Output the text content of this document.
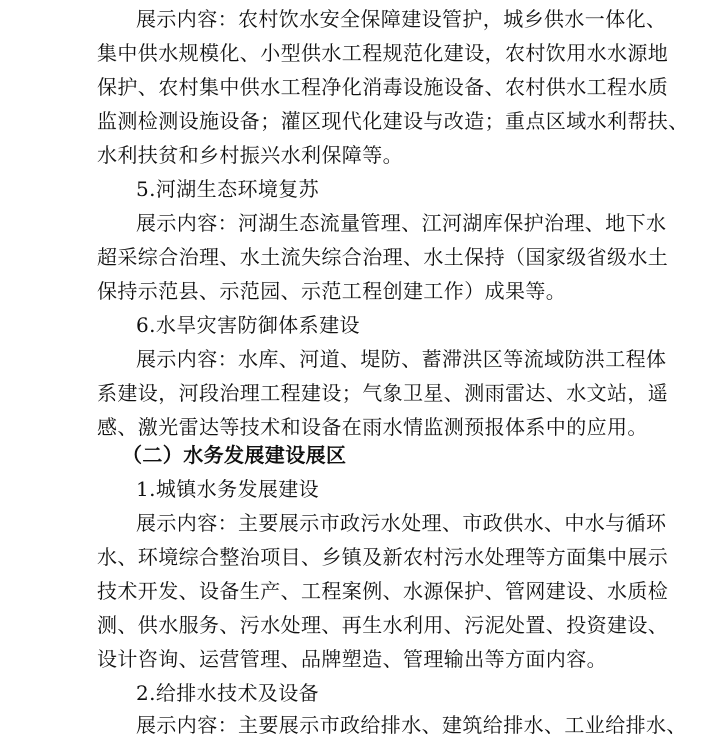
展示内容：农村饮水安全保障建设管护，城乡供水一体化、
集中供水规模化、小型供水工程规范化建设，农村饮用水水源地
保护、农村集中供水工程净化消毒设施设备、农村供水工程水质
监测检测设施设备；灌区现代化建设与改造；重点区域水利帮扶、
水利扶贫和乡村振兴水利保障等。
5.河湖生态环境复苏
展示内容：河湖生态流量管理、江河湖库保护治理、地下水
超采综合治理、水土流失综合治理、水土保持（国家级省级水土
保持示范县、示范园、示范工程创建工作）成果等。
6.水旱灾害防御体系建设
展示内容：水库、河道、堤防、蓄滞洪区等流域防洪工程体
系建设，河段治理工程建设；气象卫星、测雨雷达、水文站，遥
感、激光雷达等技术和设备在雨水情监测预报体系中的应用。
（二）水务发展建设展区
1.城镇水务发展建设
展示内容：主要展示市政污水处理、市政供水、中水与循环
水、环境综合整治项目、乡镇及新农村污水处理等方面集中展示
技术开发、设备生产、工程案例、水源保护、管网建设、水质检
测、供水服务、污水处理、再生水利用、污泥处置、投资建设、
设计咨询、运营管理、品牌塑造、管理输出等方面内容。
2.给排水技术及设备
展示内容：主要展示市政给排水、建筑给排水、工业给排水、
